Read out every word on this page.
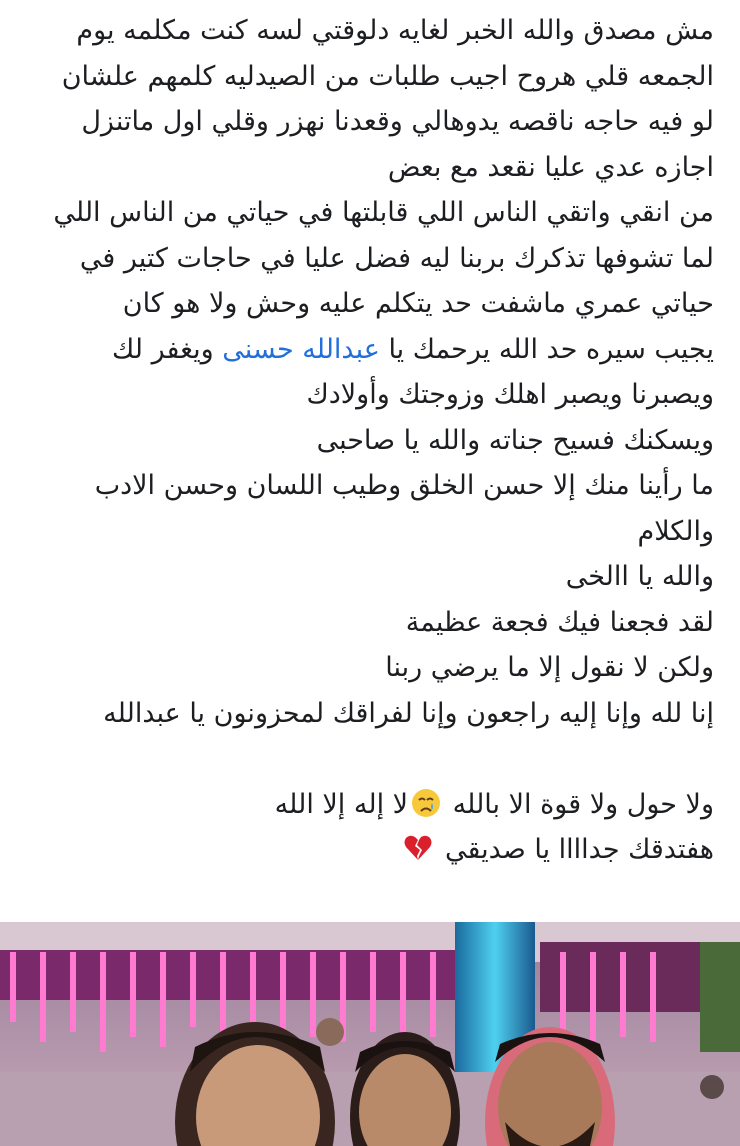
مش مصدق والله الخبر لغايه دلوقتي لسه كنت مكلمه يوم
الجمعه قلي هروح اجيب طلبات من الصيدليه كلمهم علشان
لو فيه حاجه ناقصه يدوهالي وقعدنا نهزر وقلي اول ماتنزل
اجازه عدي عليا نقعد مع بعض
من انقي واتقي الناس اللي قابلتها في حياتي من الناس اللي
لما تشوفها تذكرك بربنا ليه فضل عليا في حاجات كتير في
حياتي عمري ماشفت حد يتكلم عليه وحش ولا هو كان
يجيب سيره حد الله يرحمك يا عبدالله حسنى ويغفر لك
ويصبرنا ويصبر اهلك وزوجتك وأولادك
ويسكنك فسيح جناته والله يا صاحبى
ما رأينا منك إلا حسن الخلق وطيب اللسان وحسن الادب
والكلام
والله يا االخى
لقد فجعنا فيك فجعة عظيمة
ولكن لا نقول إلا ما يرضي ربنا
إنا لله وإنا إليه راجعون وإنا لفراقك لمحزونون يا عبدالله
ولا حول ولا قوة الا بالله لا إله إلا الله
هفتدقك جداااا يا صديقي
